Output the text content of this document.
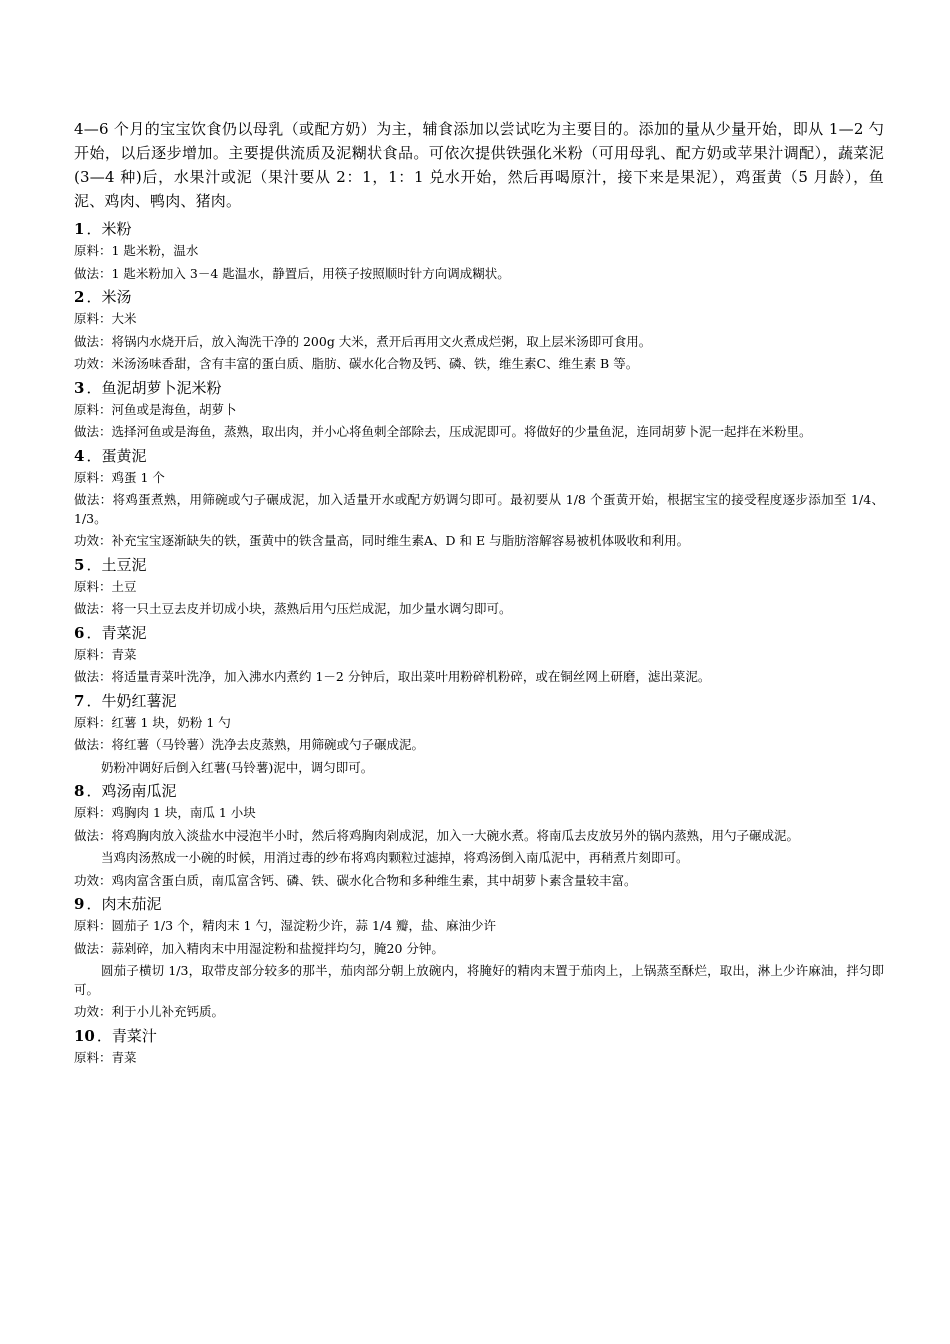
4—6 个月的宝宝饮食仍以母乳（或配方奶）为主，辅食添加以尝试吃为主要目的。添加的量从少量开始，即从 1—2 勺开始，以后逐步增加。主要提供流质及泥糊状食品。可依次提供铁强化米粉（可用母乳、配方奶或苹果汁调配），蔬菜泥(3—4 种)后，水果汁或泥（果汁要从 2：1，1：1 兑水开始，然后再喝原汁，接下来是果泥），鸡蛋黄（5 月龄），鱼泥、鸡肉、鸭肉、猪肉。

1 ．米粉

原料：1 匙米粉，温水

做法：1 匙米粉加入 3－4 匙温水，静置后，用筷子按照顺时针方向调成糊状。

2 ．米汤

原料：大米

做法：将锅内水烧开后，放入淘洗干净的 200g 大米，煮开后再用文火煮成烂粥，取上层米汤即可食用。

功效：米汤汤味香甜，含有丰富的蛋白质、脂肪、碳水化合物及钙、磷、铁，维生素C、维生素 B 等。

3 ．鱼泥胡萝卜泥米粉

原料：河鱼或是海鱼，胡萝卜

做法：选择河鱼或是海鱼，蒸熟，取出肉，并小心将鱼刺全部除去，压成泥即可。将做好的少量鱼泥，连同胡萝卜泥一起拌在米粉里。

4 ．蛋黄泥

原料：鸡蛋 1 个

做法：将鸡蛋煮熟，用筛碗或勺子碾成泥，加入适量开水或配方奶调匀即可。最初要从 1/8 个蛋黄开始，根据宝宝的接受程度逐步添加至 1/4、1/3。

功效：补充宝宝逐渐缺失的铁，蛋黄中的铁含量高，同时维生素A、D 和 E 与脂肪溶解容易被机体吸收和利用。

5 ．土豆泥

原料：土豆

做法：将一只土豆去皮并切成小块，蒸熟后用勺压烂成泥，加少量水调匀即可。

6 ．青菜泥

原料：青菜

做法：将适量青菜叶洗净，加入沸水内煮约 1－2 分钟后，取出菜叶用粉碎机粉碎，或在铜丝网上研磨，滤出菜泥。

7 ．牛奶红薯泥

原料：红薯 1 块，奶粉 1 勺

做法：将红薯（马铃薯）洗净去皮蒸熟，用筛碗或勺子碾成泥。

奶粉冲调好后倒入红薯(马铃薯)泥中，调匀即可。

8 ．鸡汤南瓜泥

原料：鸡胸肉 1 块，南瓜 1 小块

做法：将鸡胸肉放入淡盐水中浸泡半小时，然后将鸡胸肉剁成泥，加入一大碗水煮。将南瓜去皮放另外的锅内蒸熟，用勺子碾成泥。

当鸡肉汤熬成一小碗的时候，用消过毒的纱布将鸡肉颗粒过滤掉，将鸡汤倒入南瓜泥中，再稍煮片刻即可。

功效：鸡肉富含蛋白质，南瓜富含钙、磷、铁、碳水化合物和多种维生素，其中胡萝卜素含量较丰富。

9 ．肉末茄泥

原料：圆茄子 1/3 个，精肉末 1 勺，湿淀粉少许，蒜 1/4 瓣，盐、麻油少许

做法：蒜剁碎，加入精肉末中用湿淀粉和盐搅拌均匀，腌20 分钟。

圆茄子横切 1/3，取带皮部分较多的那半，茄肉部分朝上放碗内，将腌好的精肉末置于茄肉上，上锅蒸至酥烂，取出，淋上少许麻油，拌匀即可。

功效：利于小儿补充钙质。

10 ．青菜汁

原料：青菜
